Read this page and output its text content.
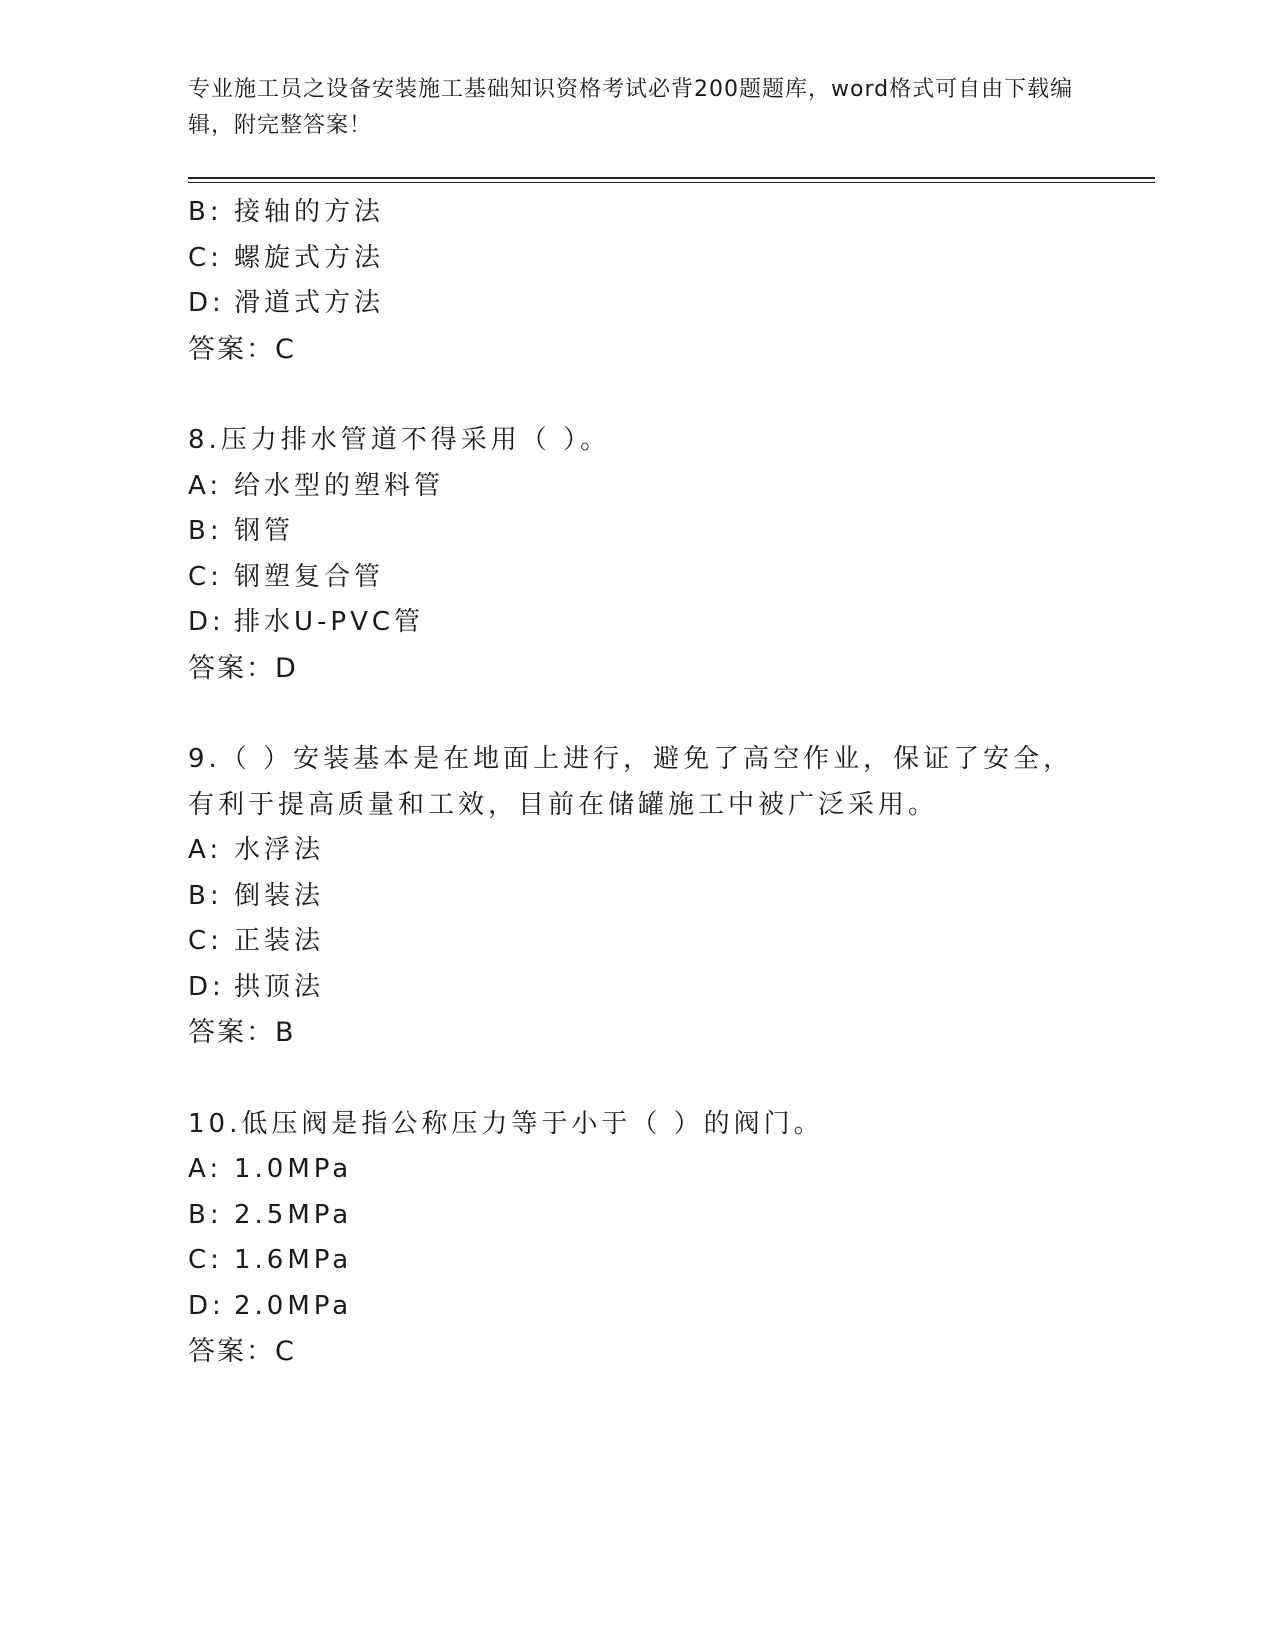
专业施工员之设备安装施工基础知识资格考试必背200题题库，word格式可自由下载编辑，附完整答案！
B: 接轴的方法
C: 螺旋式方法
D: 滑道式方法
答案：C
8.压力排水管道不得采用（ ）。
A: 给水型的塑料管
B: 钢管
C: 钢塑复合管
D: 排水U-PVC管
答案：D
9.（ ）安装基本是在地面上进行，避免了高空作业，保证了安全，有利于提高质量和工效，目前在储罐施工中被广泛采用。
A: 水浮法
B: 倒装法
C: 正装法
D: 拱顶法
答案：B
10.低压阀是指公称压力等于小于（ ）的阀门。
A: 1.0MPa
B: 2.5MPa
C: 1.6MPa
D: 2.0MPa
答案：C
